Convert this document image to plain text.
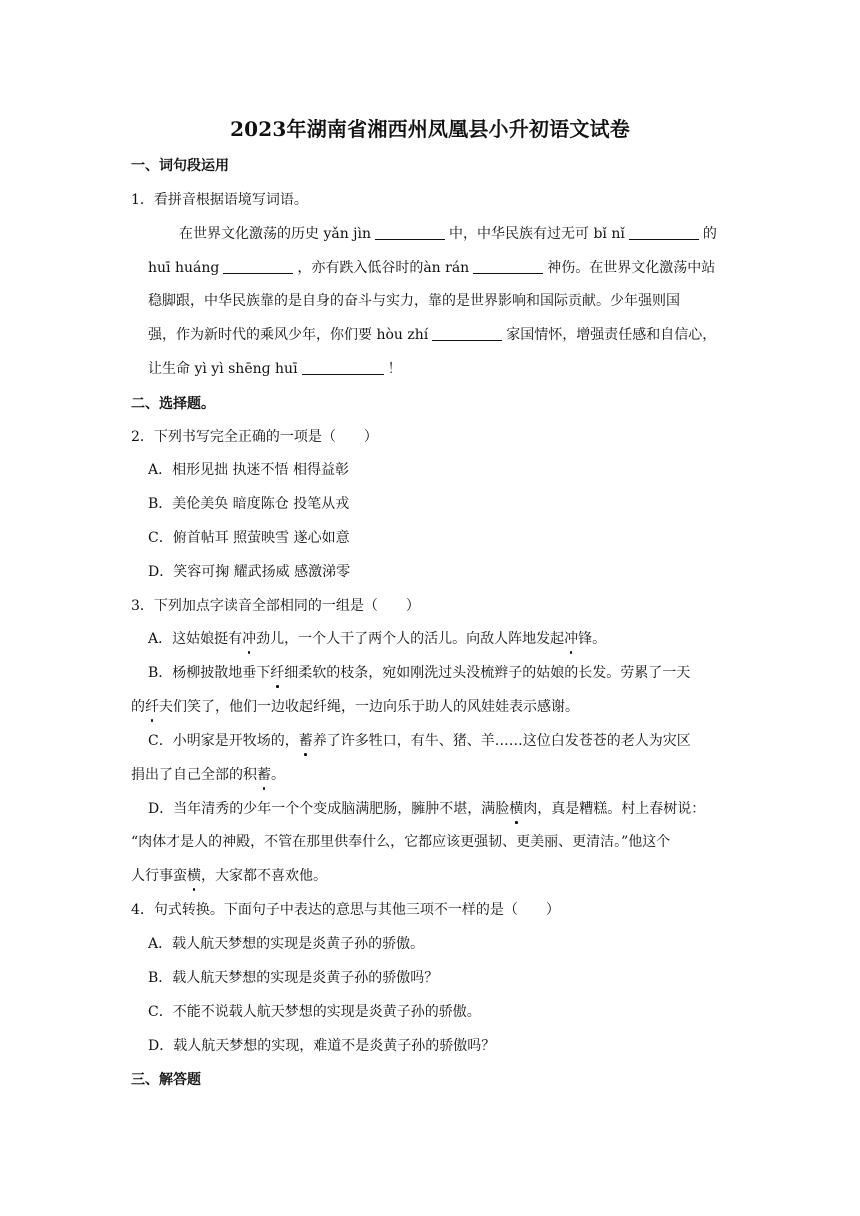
2023年湖南省湘西州凤凰县小升初语文试卷
一、词句段运用
1．看拼音根据语境写词语。
在世界文化激荡的历史 yǎn jìn	中，中华民族有过无可 bǐ nǐ	的
huī huáng	，亦有跌入低谷时的àn rán	神伤。在世界文化激荡中站
稳脚跟，中华民族靠的是自身的奋斗与实力，靠的是世界影响和国际贡献。少年强则国
强，作为新时代的乘风少年，你们要 hòu zhí	家国情怀，增强责任感和自信心，
让生命 yì yì shēnɡ huī	！
二、选择题。
2．下列书写完全正确的一项是（　　）
A．相形见拙 执迷不悟 相得益彰
B．美伦美奂 暗度陈仓 投笔从戎
C．俯首帖耳 照萤映雪 遂心如意
D．笑容可掬 耀武扬威 感激涕零
3．下列加点字读音全部相同的一组是（　　）
A．这姑娘挺有冲劲儿，一个人干了两个人的活儿。向敌人阵地发起冲锋。
B．杨柳披散地垂下纤细柔软的枝条，宛如刚洗过头没梳辫子的姑娘的长发。劳累了一天
的纤夫们笑了，他们一边收起纤绳，一边向乐于助人的风娃娃表示感谢。
C．小明家是开牧场的，蓄养了许多牲口，有牛、猪、羊……这位白发苍苍的老人为灾区
捐出了自己全部的积蓄。
D．当年清秀的少年一个个变成脑满肥肠，臃肿不堪，满脸横肉，真是糟糕。村上春树说：
“肉体才是人的神殿，不管在那里供奉什么，它都应该更强韧、更美丽、更清洁。”他这个
人行事蛮横，大家都不喜欢他。
4．句式转换。下面句子中表达的意思与其他三项不一样的是（　　）
A．载人航天梦想的实现是炎黄子孙的骄傲。
B．载人航天梦想的实现是炎黄子孙的骄傲吗？
C．不能不说载人航天梦想的实现是炎黄子孙的骄傲。
D．载人航天梦想的实现，难道不是炎黄子孙的骄傲吗？
三、解答题
